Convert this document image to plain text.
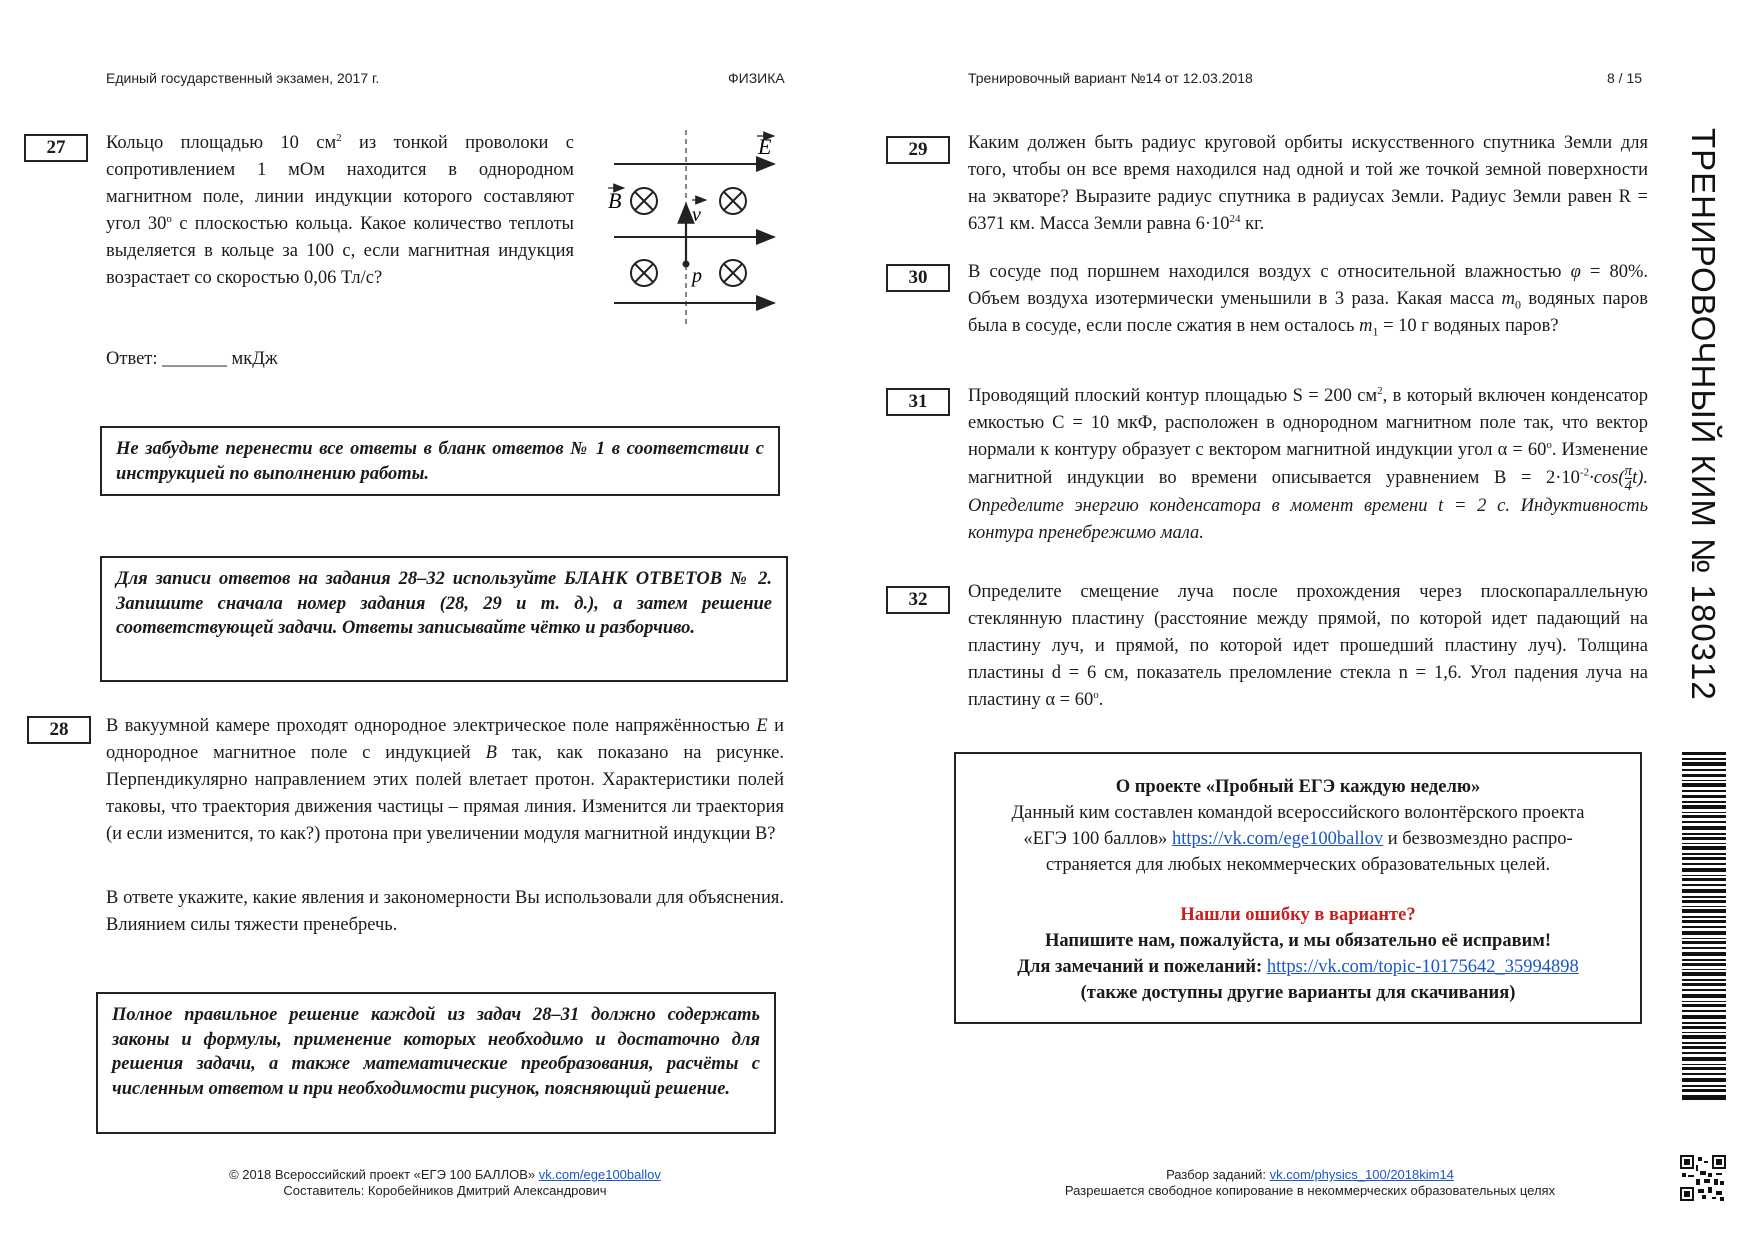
Единый государственный экзамен, 2017 г.	ФИЗИКА	Тренировочный вариант №14 от 12.03.2018	8 / 15
ТРЕНИРОВОЧНЫЙ КИМ № 180312
27	Кольцо площадью 10 $см^2$ из тонкой проволоки с сопротивлением 1 мОм находится в однородном магнитном поле, линии индукции которого составляют угол $30^о$ с плоскостью кольца. Какое количество теплоты выделяется в кольце за 100 с, если магнитная индукция возрастает со скоростью 0,06 Тл/с?
Ответ: _______ мкДж
E
B
v
p
Не забудьте перенести все ответы в бланк ответов № 1 в соответствии с инструкцией по выполнению работы.
Для записи ответов на задания 28–32 используйте БЛАНК ОТВЕТОВ № 2. Запишите сначала номер задания (28, 29 и т. д.), а затем решение соответствующей задачи. Ответы записывайте чётко и разборчиво.
28	В вакуумной камере проходят однородное электрическое поле напряжённостью E и однородное магнитное поле с индукцией B так, как показано на рисунке. Перпендикулярно направлением этих полей влетает протон. Характеристики полей таковы, что траектория движения частицы – прямая линия. Изменится ли траектория (и если изменится, то как?) протона при увеличении модуля магнитной индукции B?
В ответе укажите, какие явления и закономерности Вы использовали для объяснения. Влиянием силы тяжести пренебречь.
Полное правильное решение каждой из задач 28–31 должно содержать законы и формулы, применение которых необходимо и достаточно для решения задачи, а также математические преобразования, расчёты с численным ответом и при необходимости рисунок, поясняющий решение.
29	Каким должен быть радиус круговой орбиты искусственного спутника Земли для того, чтобы он все время находился над одной и той же точкой земной поверхности на экваторе? Выразите радиус спутника в радиусах Земли. Радиус Земли равен R = 6371 км. Масса Земли равна $6\cdot 10^{24}$ кг.
30	В сосуде под поршнем находился воздух с относительной влажностью φ = 80%. Объем воздуха изотермически уменьшили в 3 раза. Какая масса $m_0$ водяных паров была в сосуде, если после сжатия в нем осталось $m_1 = 10$ г водяных паров?
31	Проводящий плоский контур площадью S = 200 $см^2$, в который включен конденсатор емкостью C = 10 мкФ, расположен в однородном магнитном поле так, что вектор нормали к контуру образует с вектором магнитной индукции угол $\alpha = 60^о$. Изменение магнитной индукции во времени описывается уравнением $B = 2\cdot 10^{-2}\cdot\cos( \frac{\pi}{4} t)$. Определите энергию конденсатора в момент времени t = 2 с. Индуктивность контура пренебрежимо мала.
32	Определите смещение луча после прохождения через плоскопараллельную стеклянную пластину (расстояние между прямой, по которой идет падающий на пластину луч, и прямой, по которой идет прошедший пластину луч). Толщина пластины d = 6 см, показатель преломление стекла n = 1,6. Угол падения луча на пластину $\alpha = 60^о$.
О проекте «Пробный ЕГЭ каждую неделю»
Данный ким составлен командой всероссийского волонтёрского проекта
«ЕГЭ 100 баллов» https://vk.com/ege100ballov и безвозмездно распро-
страняется для любых некоммерческих образовательных целей.
Нашли ошибку в варианте?
Напишите нам, пожалуйста, и мы обязательно её исправим!
Для замечаний и пожеланий: https://vk.com/topic-10175642_35994898
(также доступны другие варианты для скачивания)
© 2018 Всероссийский проект «ЕГЭ 100 БАЛЛОВ» vk.com/ege100ballov
Составитель: Коробейников Дмитрий Александрович
Разбор заданий: vk.com/physics_100/2018kim14
Разрешается свободное копирование в некоммерческих образовательных целях
